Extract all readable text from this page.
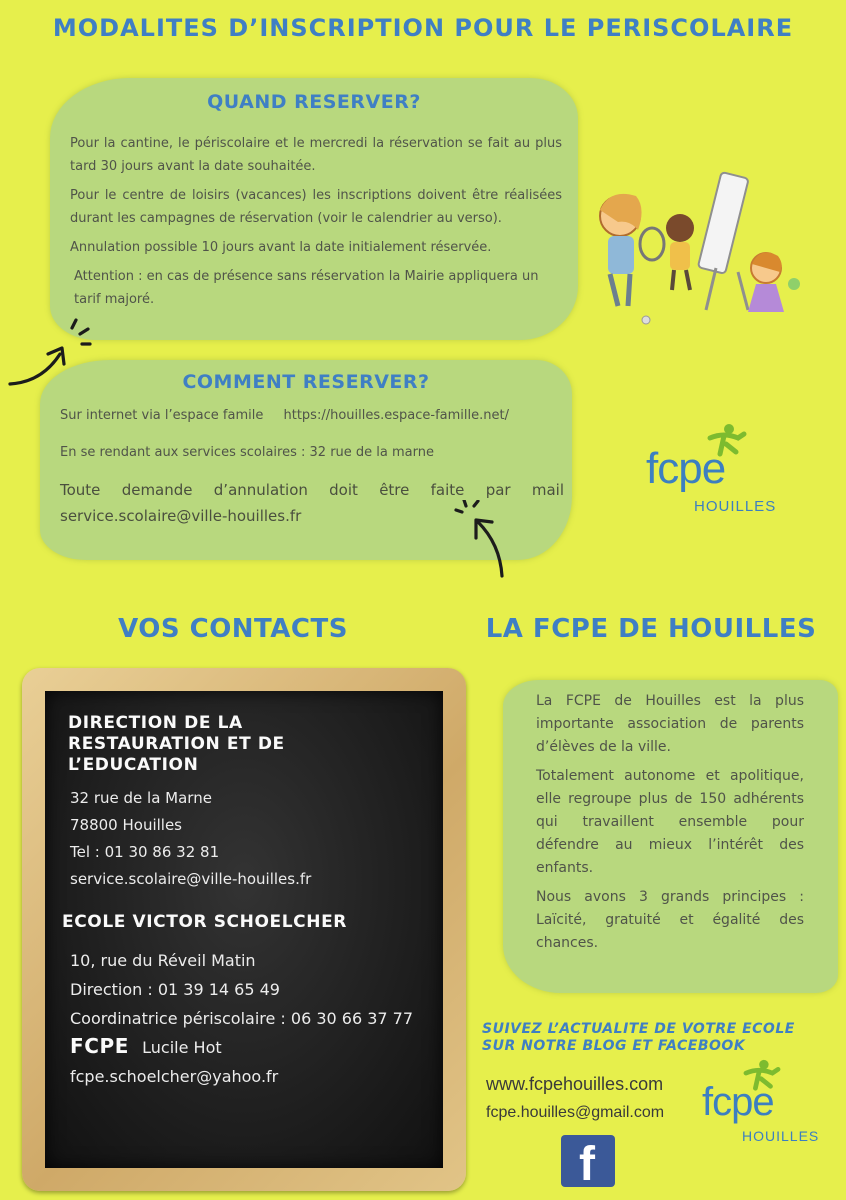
MODALITES D’INSCRIPTION POUR LE PERISCOLAIRE
QUAND RESERVER?

Pour la cantine, le périscolaire et le mercredi la réservation se fait au plus tard 30 jours avant la date souhaitée.

Pour le centre de loisirs (vacances) les inscriptions doivent être réalisées durant les campagnes de réservation (voir le calendrier au verso).

Annulation possible 10 jours avant la date initialement réservée.

Attention : en cas de présence sans réservation la Mairie appliquera un tarif majoré.

COMMENT RESERVER?
Sur internet via l’espace famile https://houilles.espace-famille.net/
En se rendant aux services scolaires : 32 rue de la marne
Toute demande d’annulation doit être faite par mail service.scolaire@ville-houilles.fr
fcpe
HOUILLES
VOS CONTACTS
DIRECTION DE LA RESTAURATION ET DE L’EDUCATION
32 rue de la Marne
78800 Houilles
Tel : 01 30 86 32 81
service.scolaire@ville-houilles.fr
ECOLE VICTOR SCHOELCHER
10, rue du Réveil Matin
Direction : 01 39 14 65 49
Coordinatrice périscolaire : 06 30 66 37 77
FCPE Lucile Hot
fcpe.schoelcher@yahoo.fr
LA FCPE DE HOUILLES

La FCPE de Houilles est la plus importante association de parents d’élèves de la ville.

Totalement autonome et apolitique, elle regroupe plus de 150 adhérents qui travaillent ensemble pour défendre au mieux l’intérêt des enfants.

Nous avons 3 grands principes : Laïcité, gratuité et égalité des chances.

SUIVEZ L’ACTUALITE DE VOTRE ECOLE
SUR NOTRE BLOG ET FACEBOOK
www.fcpehouilles.com
fcpe.houilles@gmail.com fcpe
HOUILLES
f
